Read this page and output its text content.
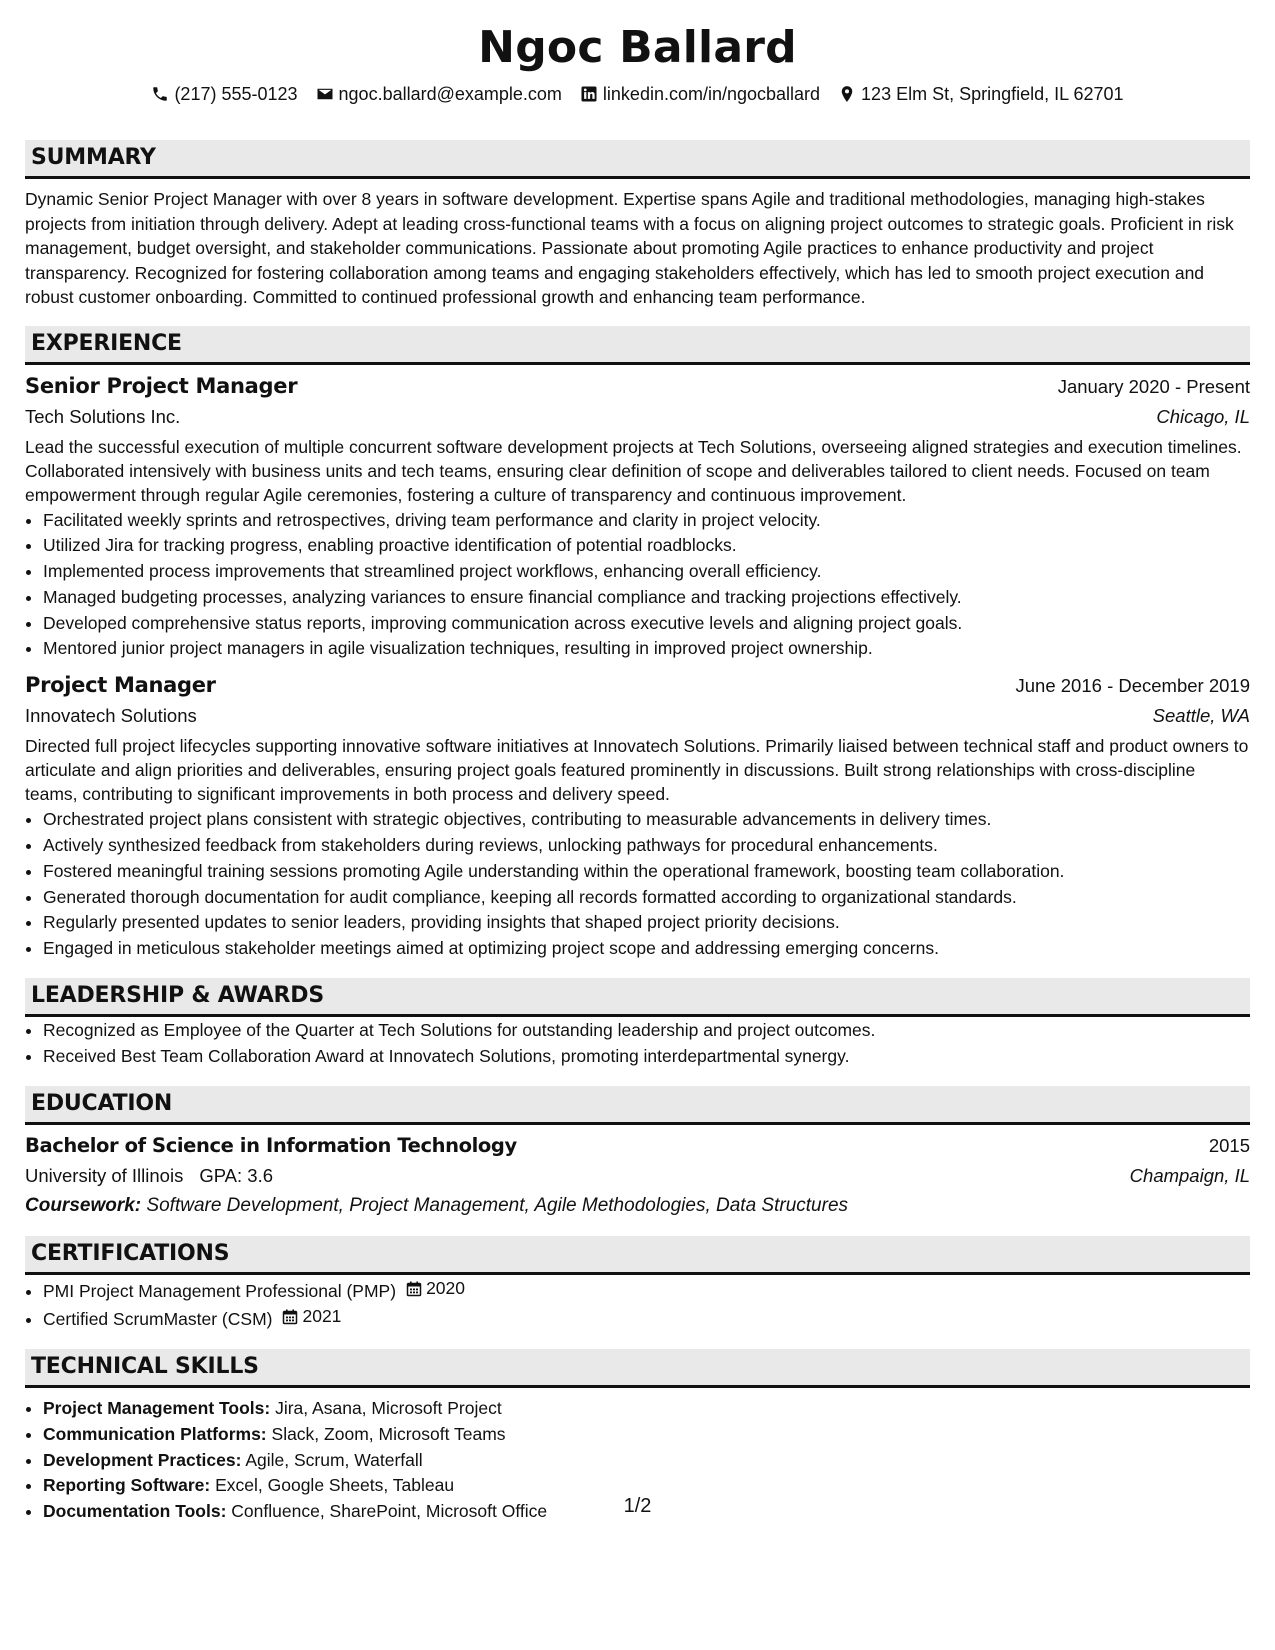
Ngoc Ballard
(217) 555-0123 ngoc.ballard@example.com linkedin.com/in/ngocballard 123 Elm St, Springfield, IL 62701
SUMMARY
Dynamic Senior Project Manager with over 8 years in software development. Expertise spans Agile and traditional methodologies, managing high-stakes projects from initiation through delivery. Adept at leading cross-functional teams with a focus on aligning project outcomes to strategic goals. Proficient in risk management, budget oversight, and stakeholder communications. Passionate about promoting Agile practices to enhance productivity and project transparency. Recognized for fostering collaboration among teams and engaging stakeholders effectively, which has led to smooth project execution and robust customer onboarding. Committed to continued professional growth and enhancing team performance.
EXPERIENCE
Senior Project Manager	January 2020 - Present
Tech Solutions Inc.	Chicago, IL
Lead the successful execution of multiple concurrent software development projects at Tech Solutions, overseeing aligned strategies and execution timelines. Collaborated intensively with business units and tech teams, ensuring clear definition of scope and deliverables tailored to client needs. Focused on team empowerment through regular Agile ceremonies, fostering a culture of transparency and continuous improvement.
• Facilitated weekly sprints and retrospectives, driving team performance and clarity in project velocity.
• Utilized Jira for tracking progress, enabling proactive identification of potential roadblocks.
• Implemented process improvements that streamlined project workflows, enhancing overall efficiency.
• Managed budgeting processes, analyzing variances to ensure financial compliance and tracking projections effectively.
• Developed comprehensive status reports, improving communication across executive levels and aligning project goals.
• Mentored junior project managers in agile visualization techniques, resulting in improved project ownership.
Project Manager	June 2016 - December 2019
Innovatech Solutions	Seattle, WA
Directed full project lifecycles supporting innovative software initiatives at Innovatech Solutions. Primarily liaised between technical staff and product owners to articulate and align priorities and deliverables, ensuring project goals featured prominently in discussions. Built strong relationships with cross-discipline teams, contributing to significant improvements in both process and delivery speed.
• Orchestrated project plans consistent with strategic objectives, contributing to measurable advancements in delivery times.
• Actively synthesized feedback from stakeholders during reviews, unlocking pathways for procedural enhancements.
• Fostered meaningful training sessions promoting Agile understanding within the operational framework, boosting team collaboration.
• Generated thorough documentation for audit compliance, keeping all records formatted according to organizational standards.
• Regularly presented updates to senior leaders, providing insights that shaped project priority decisions.
• Engaged in meticulous stakeholder meetings aimed at optimizing project scope and addressing emerging concerns.
LEADERSHIP & AWARDS
• Recognized as Employee of the Quarter at Tech Solutions for outstanding leadership and project outcomes.
• Received Best Team Collaboration Award at Innovatech Solutions, promoting interdepartmental synergy.
EDUCATION
Bachelor of Science in Information Technology	2015
University of Illinois GPA: 3.6	Champaign, IL
Coursework: Software Development, Project Management, Agile Methodologies, Data Structures
CERTIFICATIONS
• PMI Project Management Professional (PMP) 2020
• Certified ScrumMaster (CSM) 2021
TECHNICAL SKILLS
• Project Management Tools: Jira, Asana, Microsoft Project
• Communication Platforms: Slack, Zoom, Microsoft Teams
• Development Practices: Agile, Scrum, Waterfall
• Reporting Software: Excel, Google Sheets, Tableau
• Documentation Tools: Confluence, SharePoint, Microsoft Office	1/2
